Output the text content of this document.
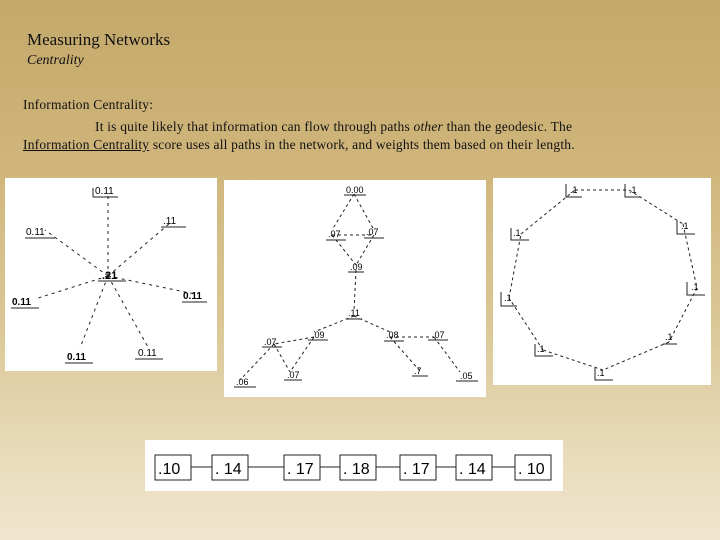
Measuring Networks
Centrality
Information Centrality:
It is quite likely that information can flow through paths other than the geodesic. The
Information Centrality score uses all paths in the network, and weights them based on their length.
0.11
0.11
.11
.21
0.11
0.11
0.11	0.11
0.00
.07	.07
.09
.11
.09	.08
.07
.07
.06
.07
.7	.05
.1	.1
.1
.1
.1
.1
.1
.1
.1
.10 . 14	. 17 . 18 . 17 . 14 . 10
